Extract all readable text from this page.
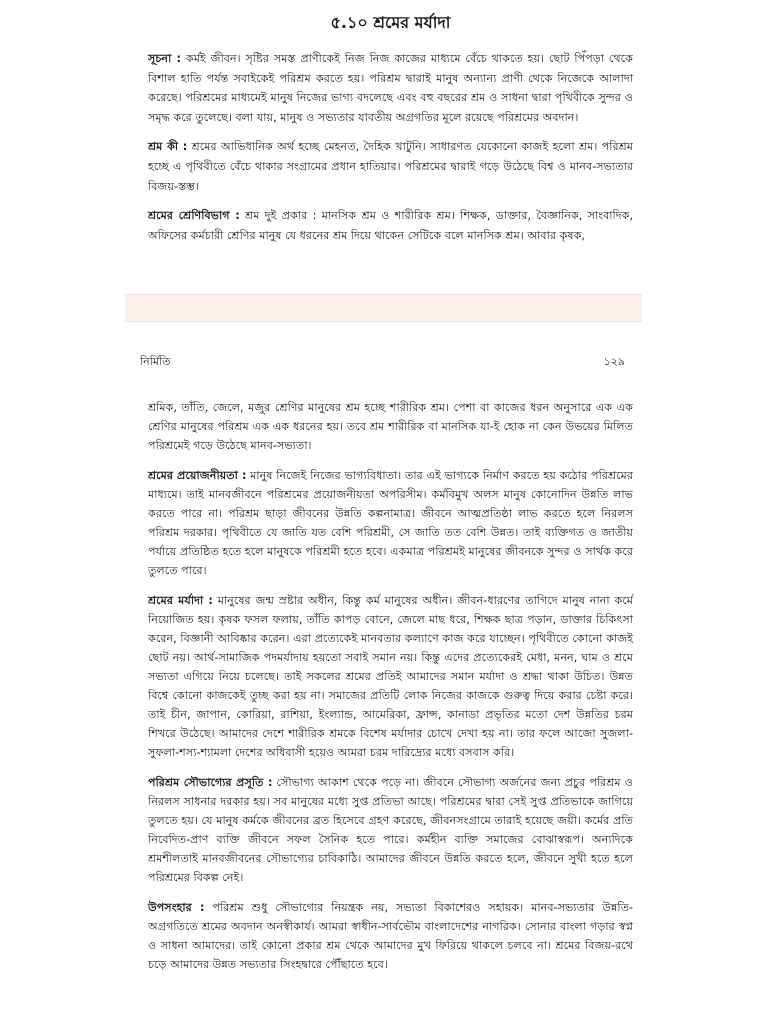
৫.১০ শ্রমের মর্যাদা

সূচনা : কর্মই জীবন। সৃষ্টির সমস্ত প্রাণীকেই নিজ নিজ কাজের মাধ্যমে বেঁচে থাকতে হয়। ছোট পিঁপড়া থেকে বিশাল হাতি পর্যন্ত সবাইকেই পরিশ্রম করতে হয়। পরিশ্রম দ্বারাই মানুষ অন্যান্য প্রাণী থেকে নিজেকে আলাদা করেছে। পরিশ্রমের মাধ্যমেই মানুষ নিজের ভাগ্য বদলেছে এবং বহু বছরের শ্রম ও সাধনা দ্বারা পৃথিবীকে সুন্দর ও সমৃদ্ধ করে তুলেছে। বলা যায়, মানুষ ও সভ্যতার যাবতীয় অগ্রগতির মূলে রয়েছে পরিশ্রমের অবদান।

শ্রম কী : শ্রমের আভিধানিক অর্থ হচ্ছে মেহনত, দৈহিক খাটুনি। সাধারণত যেকোনো কাজই হলো শ্রম। পরিশ্রম হচ্ছে এ পৃথিবীতে বেঁচে থাকার সংগ্রামের প্রধান হাতিয়ার। পরিশ্রমের দ্বারাই গড়ে উঠেছে বিশ্ব ও মানব-সভ্যতার বিজয়-স্তম্ভ।

শ্রমের শ্রেণিবিভাগ : শ্রম দুই প্রকার : মানসিক শ্রম ও শারীরিক শ্রম। শিক্ষক, ডাক্তার, বৈজ্ঞানিক, সাংবাদিক, অফিসের কর্মচারী শ্রেণির মানুষ যে ধরনের শ্রম দিয়ে থাকেন সেটিকে বলে মানসিক শ্রম। আবার কৃষক,

নির্মিতি	১২৯

শ্রমিক, তাঁতি, জেলে, মজুর শ্রেণির মানুষের শ্রম হচ্ছে শারীরিক শ্রম। পেশা বা কাজের ধরন অনুসারে এক এক শ্রেণির মানুষের পরিশ্রম এক এক ধরনের হয়। তবে শ্রম শারীরিক বা মানসিক যা-ই হোক না কেন উভয়ের মিলিত পরিশ্রমেই গড়ে উঠেছে মানব-সভ্যতা।

শ্রমের প্রয়োজনীয়তা : মানুষ নিজেই নিজের ভাগ্যবিধাতা। তার এই ভাগ্যকে নির্মাণ করতে হয় কঠোর পরিশ্রমের মাধ্যমে। তাই মানবজীবনে পরিশ্রমের প্রয়োজনীয়তা অপরিসীম। কর্মবিমুখ অলস মানুষ কোনোদিন উন্নতি লাভ করতে পারে না। পরিশ্রম ছাড়া জীবনের উন্নতি কল্পনামাত্র। জীবনে আত্মপ্রতিষ্ঠা লাভ করতে হলে নিরলস পরিশ্রম দরকার। পৃথিবীতে যে জাতি যত বেশি পরিশ্রমী, সে জাতি তত বেশি উন্নত। তাই ব্যক্তিগত ও জাতীয় পর্যায়ে প্রতিষ্ঠিত হতে হলে মানুষকে পরিশ্রমী হতে হবে। একমাত্র পরিশ্রমই মানুষের জীবনকে সুন্দর ও সার্থক করে তুলতে পারে।

শ্রমের মর্যাদা : মানুষের জন্ম স্রষ্টার অধীন, কিন্তু কর্ম মানুষের অধীন। জীবন-ধারণের তাগিদে মানুষ নানা কর্মে নিয়োজিত হয়। কৃষক ফসল ফলায়, তাঁতি কাপড় বোনে, জেলে মাছ ধরে, শিক্ষক ছাত্র পড়ান, ডাক্তার চিকিৎসা করেন, বিজ্ঞানী আবিষ্কার করেন। এরা প্রত্যেকেই মানবতার কল্যাণে কাজ করে যাচ্ছেন। পৃথিবীতে কোনো কাজই ছোট নয়। আর্থ-সামাজিক পদমর্যাদায় হয়তো সবাই সমান নয়। কিন্তু এদের প্রত্যেকেরই মেধা, মনন, ঘাম ও শ্রমে সভ্যতা এগিয়ে নিয়ে চলেছে। তাই সকলের শ্রমের প্রতিই আমাদের সমান মর্যাদা ও শ্রদ্ধা থাকা উচিত। উন্নত বিশ্বে কোনো কাজকেই তুচ্ছ করা হয় না। সমাজের প্রতিটি লোক নিজের কাজকে গুরুত্ব দিয়ে করার চেষ্টা করে। তাই চীন, জাপান, কোরিয়া, রাশিয়া, ইংল্যান্ড, আমেরিকা, ফ্রান্স, কানাডা প্রভৃতির মতো দেশ উন্নতির চরম শিখরে উঠেছে। আমাদের দেশে শারীরিক শ্রমকে বিশেষ মর্যাদার চোখে দেখা হয় না। তার ফলে আজো সুজলা-সুফলা-শস্য-শ্যামলা দেশের অধিবাসী হয়েও আমরা চরম দারিদ্র্যের মধ্যে বসবাস করি।

পরিশ্রম সৌভাগ্যের প্রসূতি : সৌভাগ্য আকাশ থেকে পড়ে না। জীবনে সৌভাগ্য অর্জনের জন্য প্রচুর পরিশ্রম ও নিরলস সাধনার দরকার হয়। সব মানুষের মধ্যে সুপ্ত প্রতিভা আছে। পরিশ্রমের দ্বারা সেই সুপ্ত প্রতিভাকে জাগিয়ে তুলতে হয়। যে মানুষ কর্মকে জীবনের ব্রত হিসেবে গ্রহণ করেছে, জীবনসংগ্রামে তারাই হয়েছে জয়ী। কর্মের প্রতি নিবেদিত-প্রাণ ব্যক্তি জীবনে সফল সৈনিক হতে পারে। কর্মহীন ব্যক্তি সমাজের বোঝাস্বরূপ। অন্যদিকে শ্রমশীলতাই মানবজীবনের সৌভাগ্যের চাবিকাঠি। আমাদের জীবনে উন্নতি করতে হলে, জীবনে সুখী হতে হলে পরিশ্রমের বিকল্প নেই।

উপসংহার : পরিশ্রম শুধু সৌভাগ্যের নিয়ন্ত্রক নয়, সভ্যতা বিকাশেরও সহায়ক। মানব-সভ্যতার উন্নতি-অগ্রগতিতে শ্রমের অবদান অনস্বীকার্য। আমরা স্বাধীন-সার্বভৌম বাংলাদেশের নাগরিক। সোনার বাংলা গড়ার স্বপ্ন ও সাধনা আমাদের। তাই কোনো প্রকার শ্রম থেকে আমাদের মুখ ফিরিয়ে থাকলে চলবে না। শ্রমের বিজয়-রথে চড়ে আমাদের উন্নত সভ্যতার সিংহদ্বারে পৌঁছাতে হবে।
